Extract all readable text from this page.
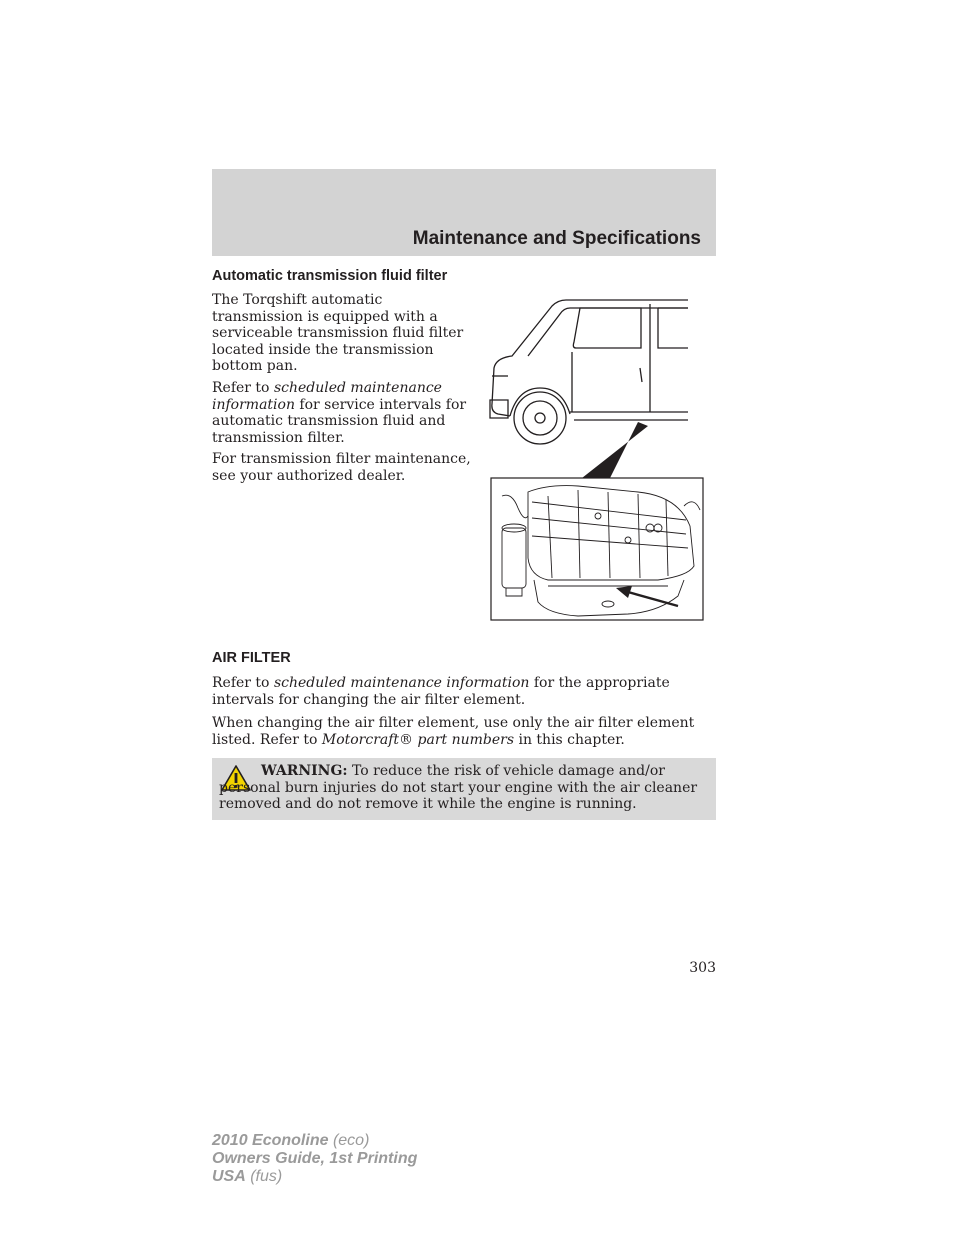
Maintenance and Specifications
Automatic transmission fluid filter

The Torqshift automatic transmission is equipped with a serviceable transmission fluid filter located inside the transmission bottom pan.

Refer to scheduled maintenance information for service intervals for automatic transmission fluid and transmission filter.

For transmission filter maintenance, see your authorized dealer.

AIR FILTER

Refer to scheduled maintenance information for the appropriate intervals for changing the air filter element.

When changing the air filter element, use only the air filter element listed. Refer to Motorcraft® part numbers in this chapter.

WARNING: To reduce the risk of vehicle damage and/or personal burn injuries do not start your engine with the air cleaner removed and do not remove it while the engine is running.

303
2010 Econoline (eco)
Owners Guide, 1st Printing
USA (fus)
